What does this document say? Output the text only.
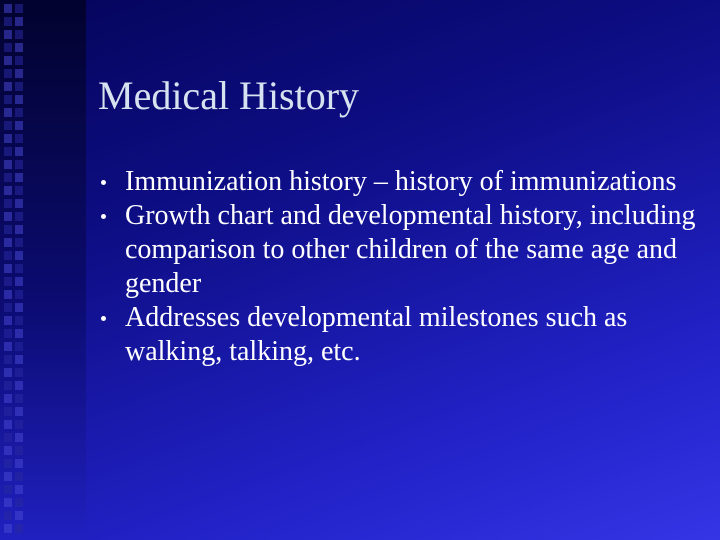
Medical History
Immunization history – history of immunizations
Growth chart and developmental history, including comparison to other children of the same age and gender
Addresses developmental milestones such as walking, talking, etc.
